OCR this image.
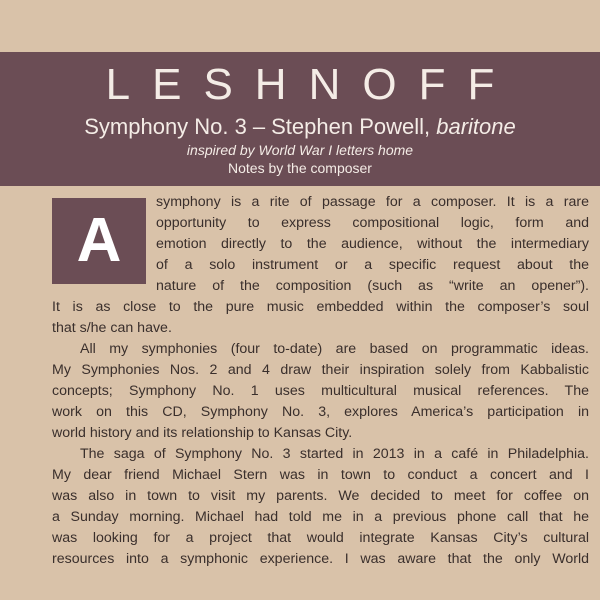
LESHNOFF
Symphony No. 3 – Stephen Powell, baritone
inspired by World War I letters home
Notes by the composer
A
symphony is a rite of passage for a composer. It is a rare
opportunity to express compositional logic, form and
emotion directly to the audience, without the intermediary
of a solo instrument or a specific request about the
nature of the composition (such as “write an opener”).
It is as close to the pure music embedded within the composer’s soul
that s/he can have.
All my symphonies (four to-date) are based on programmatic ideas.
My Symphonies Nos. 2 and 4 draw their inspiration solely from Kabbalistic
concepts; Symphony No. 1 uses multicultural musical references. The
work on this CD, Symphony No. 3, explores America’s participation in
world history and its relationship to Kansas City.
The saga of Symphony No. 3 started in 2013 in a café in Philadelphia.
My dear friend Michael Stern was in town to conduct a concert and I
was also in town to visit my parents. We decided to meet for coffee on
a Sunday morning. Michael had told me in a previous phone call that he
was looking for a project that would integrate Kansas City’s cultural
resources into a symphonic experience. I was aware that the only World
